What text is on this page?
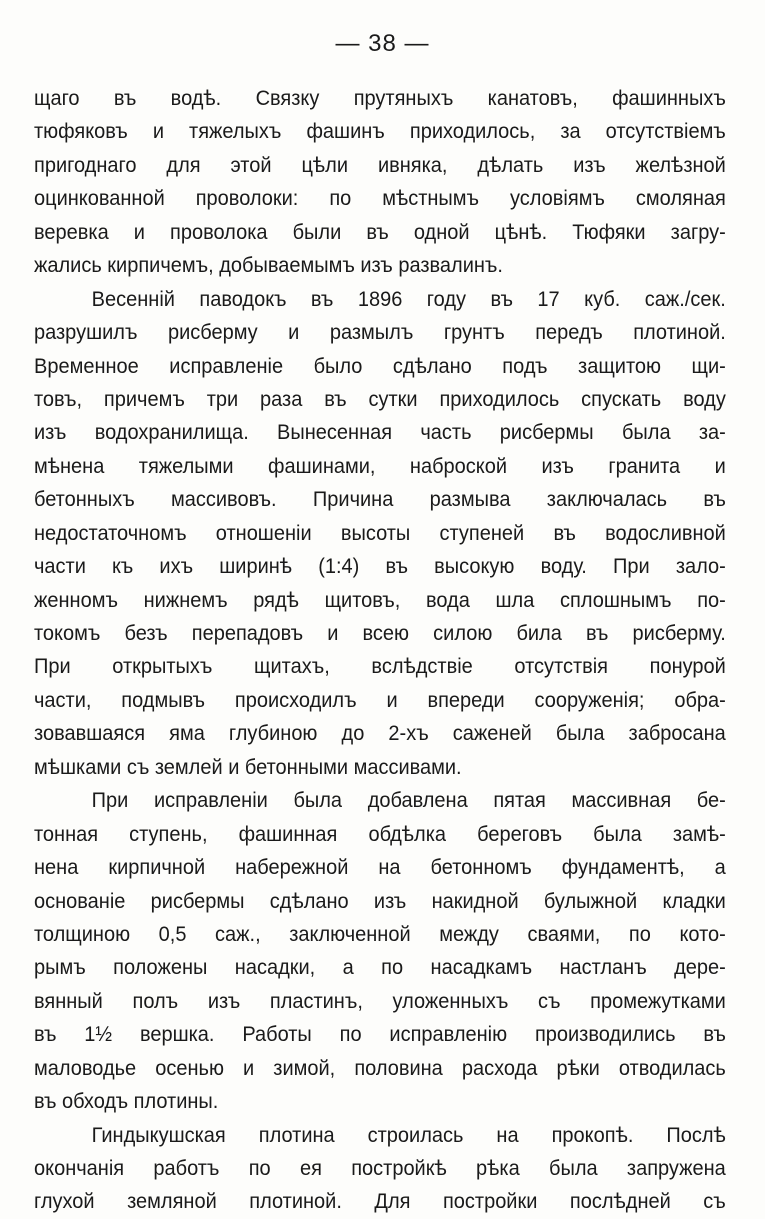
— 38 —
щаго въ водѣ. Связку прутяныхъ канатовъ, фашинныхъ
тюфяковъ и тяжелыхъ фашинъ приходилось, за отсутствіемъ
пригоднаго для этой цѣли ивняка, дѣлать изъ желѣзной
оцинкованной проволоки: по мѣстнымъ условіямъ смоляная
веревка и проволока были въ одной цѣнѣ. Тюфяки загру-
жались кирпичемъ, добываемымъ изъ развалинъ.
Весенній паводокъ въ 1896 году въ 17 куб. саж./сек.
разрушилъ рисберму и размылъ грунтъ передъ плотиной.
Временное исправленіе было сдѣлано подъ защитою щи-
товъ, причемъ три раза въ сутки приходилось спускать воду
изъ водохранилища. Вынесенная часть рисбермы была за-
мѣнена тяжелыми фашинами, наброской изъ гранита и
бетонныхъ массивовъ. Причина размыва заключалась въ
недостаточномъ отношеніи высоты ступеней въ водосливной
части къ ихъ ширинѣ (1:4) въ высокую воду. При зало-
женномъ нижнемъ рядѣ щитовъ, вода шла сплошнымъ по-
токомъ безъ перепадовъ и всею силою била въ рисберму.
При открытыхъ щитахъ, вслѣдствіе отсутствія понурой
части, подмывъ происходилъ и впереди сооруженія; обра-
зовавшаяся яма глубиною до 2-хъ саженей была забросана
мѣшками съ землей и бетонными массивами.
При исправленіи была добавлена пятая массивная бе-
тонная ступень, фашинная обдѣлка береговъ была замѣ-
нена кирпичной набережной на бетонномъ фундаментѣ, а
основаніе рисбермы сдѣлано изъ накидной булыжной кладки
толщиною 0,5 саж., заключенной между сваями, по кото-
рымъ положены насадки, а по насадкамъ настланъ дере-
вянный полъ изъ пластинъ, уложенныхъ съ промежутками
въ 1½ вершка. Работы по исправленію производились въ
маловодье осенью и зимой, половина расхода рѣки отводилась
въ обходъ плотины.
Гиндыкушская плотина строилась на прокопѣ. Послѣ
окончанія работъ по ея постройкѣ рѣка была запружена
глухой земляной плотиной. Для постройки послѣдней съ
